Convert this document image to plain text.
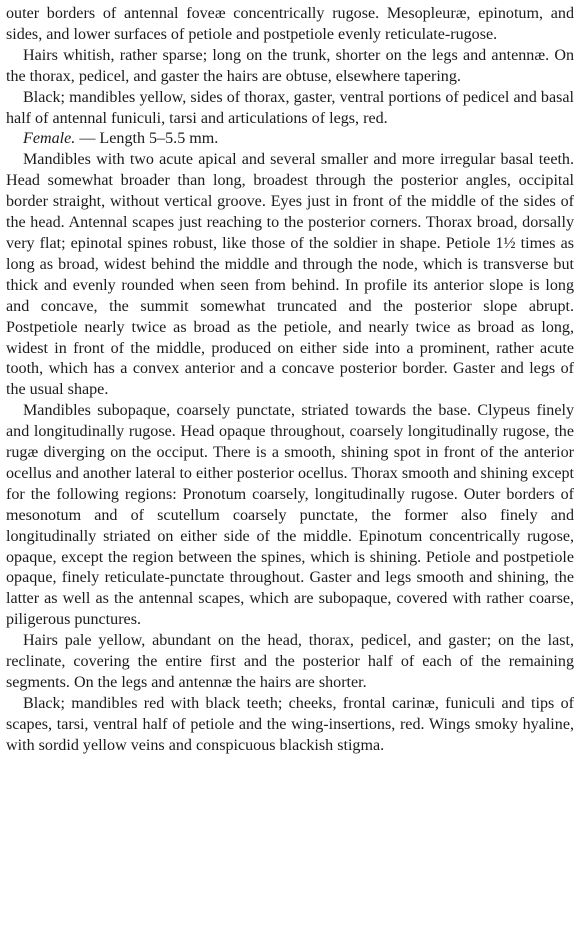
outer borders of antennal foveæ concentrically rugose. Mesopleuræ, epinotum, and sides, and lower surfaces of petiole and postpetiole evenly reticulate-rugose.

Hairs whitish, rather sparse; long on the trunk, shorter on the legs and antennæ. On the thorax, pedicel, and gaster the hairs are obtuse, elsewhere tapering.

Black; mandibles yellow, sides of thorax, gaster, ventral portions of pedicel and basal half of antennal funiculi, tarsi and articulations of legs, red.

Female. — Length 5–5.5 mm.

Mandibles with two acute apical and several smaller and more irregular basal teeth. Head somewhat broader than long, broadest through the posterior angles, occipital border straight, without vertical groove. Eyes just in front of the middle of the sides of the head. Antennal scapes just reaching to the posterior corners. Thorax broad, dorsally very flat; epinotal spines robust, like those of the soldier in shape. Petiole 1½ times as long as broad, widest behind the middle and through the node, which is transverse but thick and evenly rounded when seen from behind. In profile its anterior slope is long and concave, the summit somewhat truncated and the posterior slope abrupt. Postpetiole nearly twice as broad as the petiole, and nearly twice as broad as long, widest in front of the middle, produced on either side into a prominent, rather acute tooth, which has a convex anterior and a concave posterior border. Gaster and legs of the usual shape.

Mandibles subopaque, coarsely punctate, striated towards the base. Clypeus finely and longitudinally rugose. Head opaque throughout, coarsely longitudinally rugose, the rugæ diverging on the occiput. There is a smooth, shining spot in front of the anterior ocellus and another lateral to either posterior ocellus. Thorax smooth and shining except for the following regions: Pronotum coarsely, longitudinally rugose. Outer borders of mesonotum and of scutellum coarsely punctate, the former also finely and longitudinally striated on either side of the middle. Epinotum concentrically rugose, opaque, except the region between the spines, which is shining. Petiole and postpetiole opaque, finely reticulate-punctate throughout. Gaster and legs smooth and shining, the latter as well as the antennal scapes, which are subopaque, covered with rather coarse, piligerous punctures.

Hairs pale yellow, abundant on the head, thorax, pedicel, and gaster; on the last, reclinate, covering the entire first and the posterior half of each of the remaining segments. On the legs and antennæ the hairs are shorter.

Black; mandibles red with black teeth; cheeks, frontal carinæ, funiculi and tips of scapes, tarsi, ventral half of petiole and the wing-insertions, red. Wings smoky hyaline, with sordid yellow veins and conspicuous blackish stigma.
